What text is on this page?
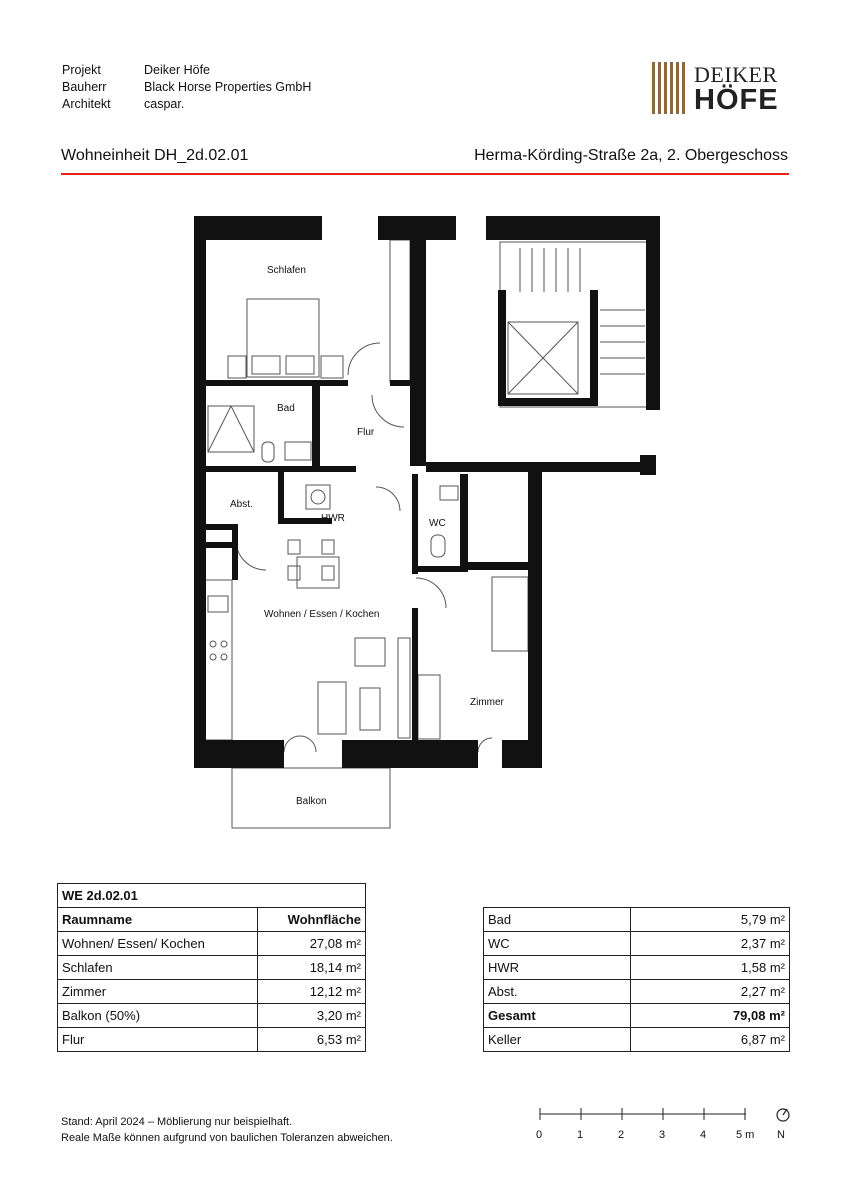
Projekt	Deiker Höfe
Bauherr	Black Horse Properties GmbH
Architekt	caspar.
DEIKER
HÖFE
Wohneinheit DH_2d.02.01	Herma-Körding-Straße 2a, 2. Obergeschoss
Schlafen
Bad
Flur
Abst.
HWR	WC
Wohnen / Essen / Kochen
Zimmer
Balkon
WE 2d.02.01	
Raumname	Wohnfläche
Wohnen/ Essen/ Kochen	27,08 m²
Schlafen	18,14 m²
Zimmer	12,12 m²
Balkon (50%)	3,20 m²
Flur	6,53 m²
Bad	5,79 m²
WC	2,37 m²
HWR	1,58 m²
Abst.	2,27 m²
Gesamt	79,08 m²
Keller	6,87 m²
Stand: April 2024 – Möblierung nur beispielhaft.
Reale Maße können aufgrund von baulichen Toleranzen abweichen.	0	1	2	3	4	5 m N
